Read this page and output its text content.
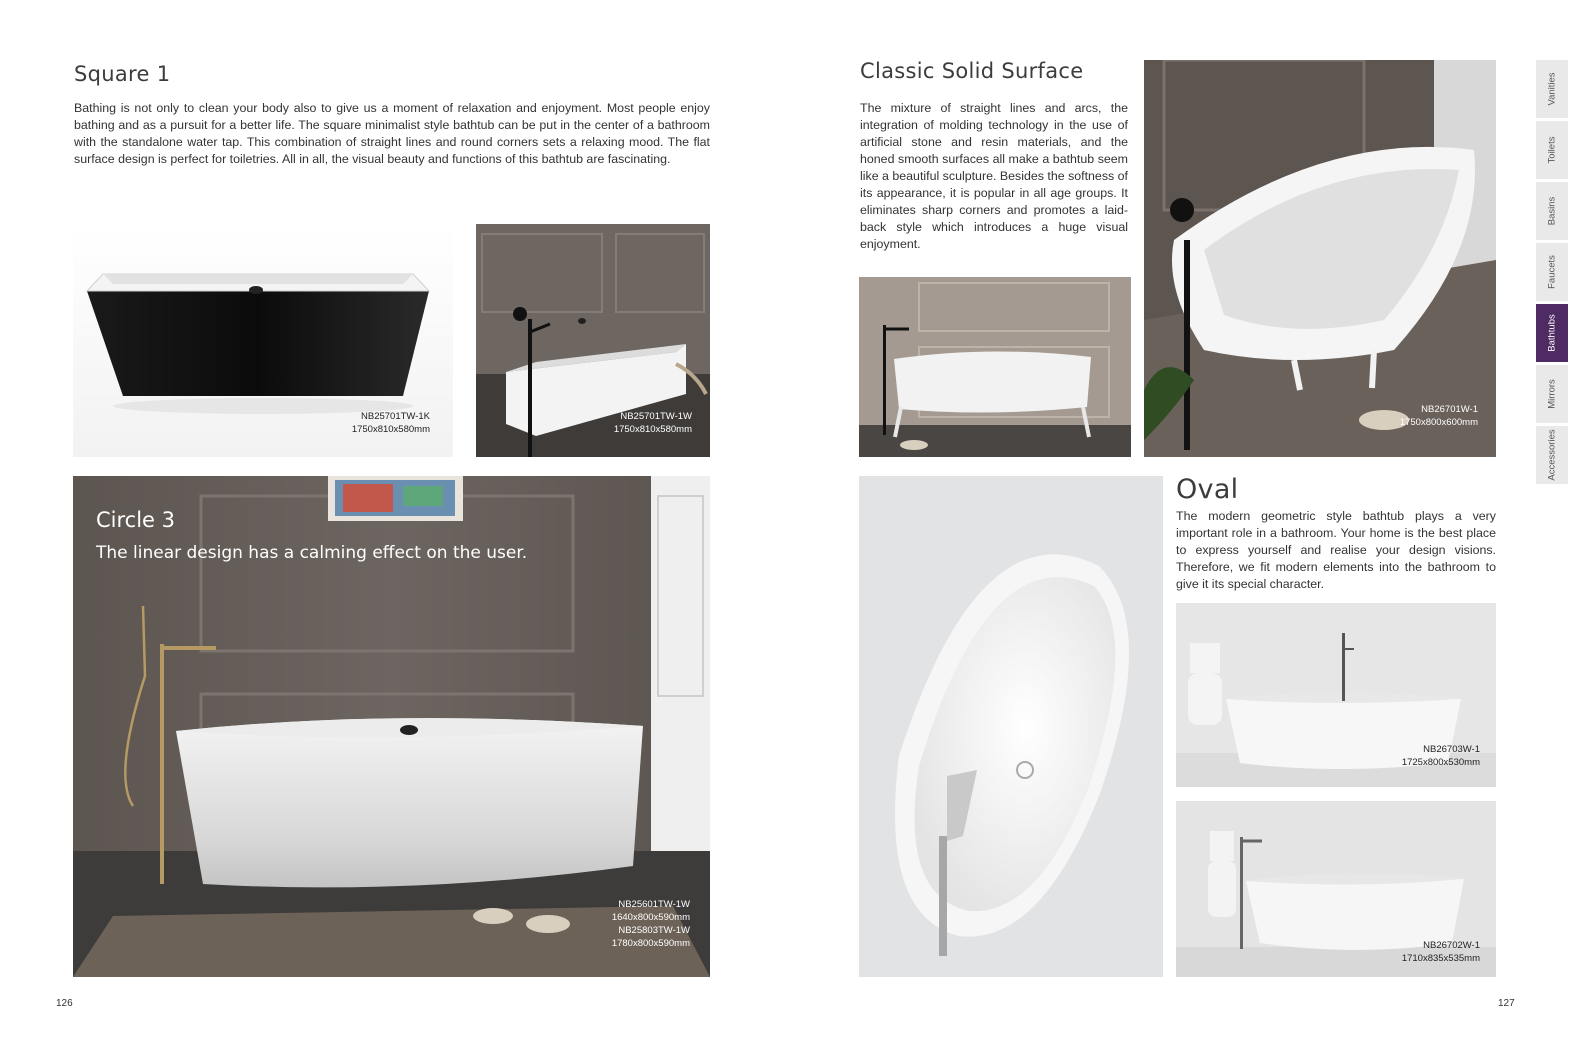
Square 1

Bathing is not only to clean your body also to give us a moment of relaxation and enjoyment. Most people enjoy bathing and as a pursuit for a better life. The square minimalist style bathtub can be put in the center of a bathroom with the standalone water tap. This combination of straight lines and round corners sets a relaxing mood. The flat surface design is perfect for toiletries. All in all, the visual beauty and functions of this bathtub are fascinating.

NB25701TW-1K
1750x810x580mm
NB25701TW-1W
1750x810x580mm
Circle 3
The linear design has a calming effect on the user.
NB25601TW-1W
1640x800x590mm
NB25803TW-1W
1780x800x590mm
126
Classic Solid Surface

The mixture of straight lines and arcs, the integration of molding technology in the use of artificial stone and resin materials, and the honed smooth surfaces all make a bathtub seem like a beautiful sculpture. Besides the softness of its appearance, it is popular in all age groups. It eliminates sharp corners and promotes a laid-back style which introduces a huge visual enjoyment.

NB26701W-1
1750x800x600mm
Oval

The modern geometric style bathtub plays a very important role in a bathroom. Your home is the best place to express yourself and realise your design visions. Therefore, we fit modern elements into the bathroom to give it its special character.

NB26703W-1
1725x800x530mm
NB26702W-1
1710x835x535mm
127
Vanities
Toilets
Basins
Faucets
Bathtubs
Mirrors
Accessories
